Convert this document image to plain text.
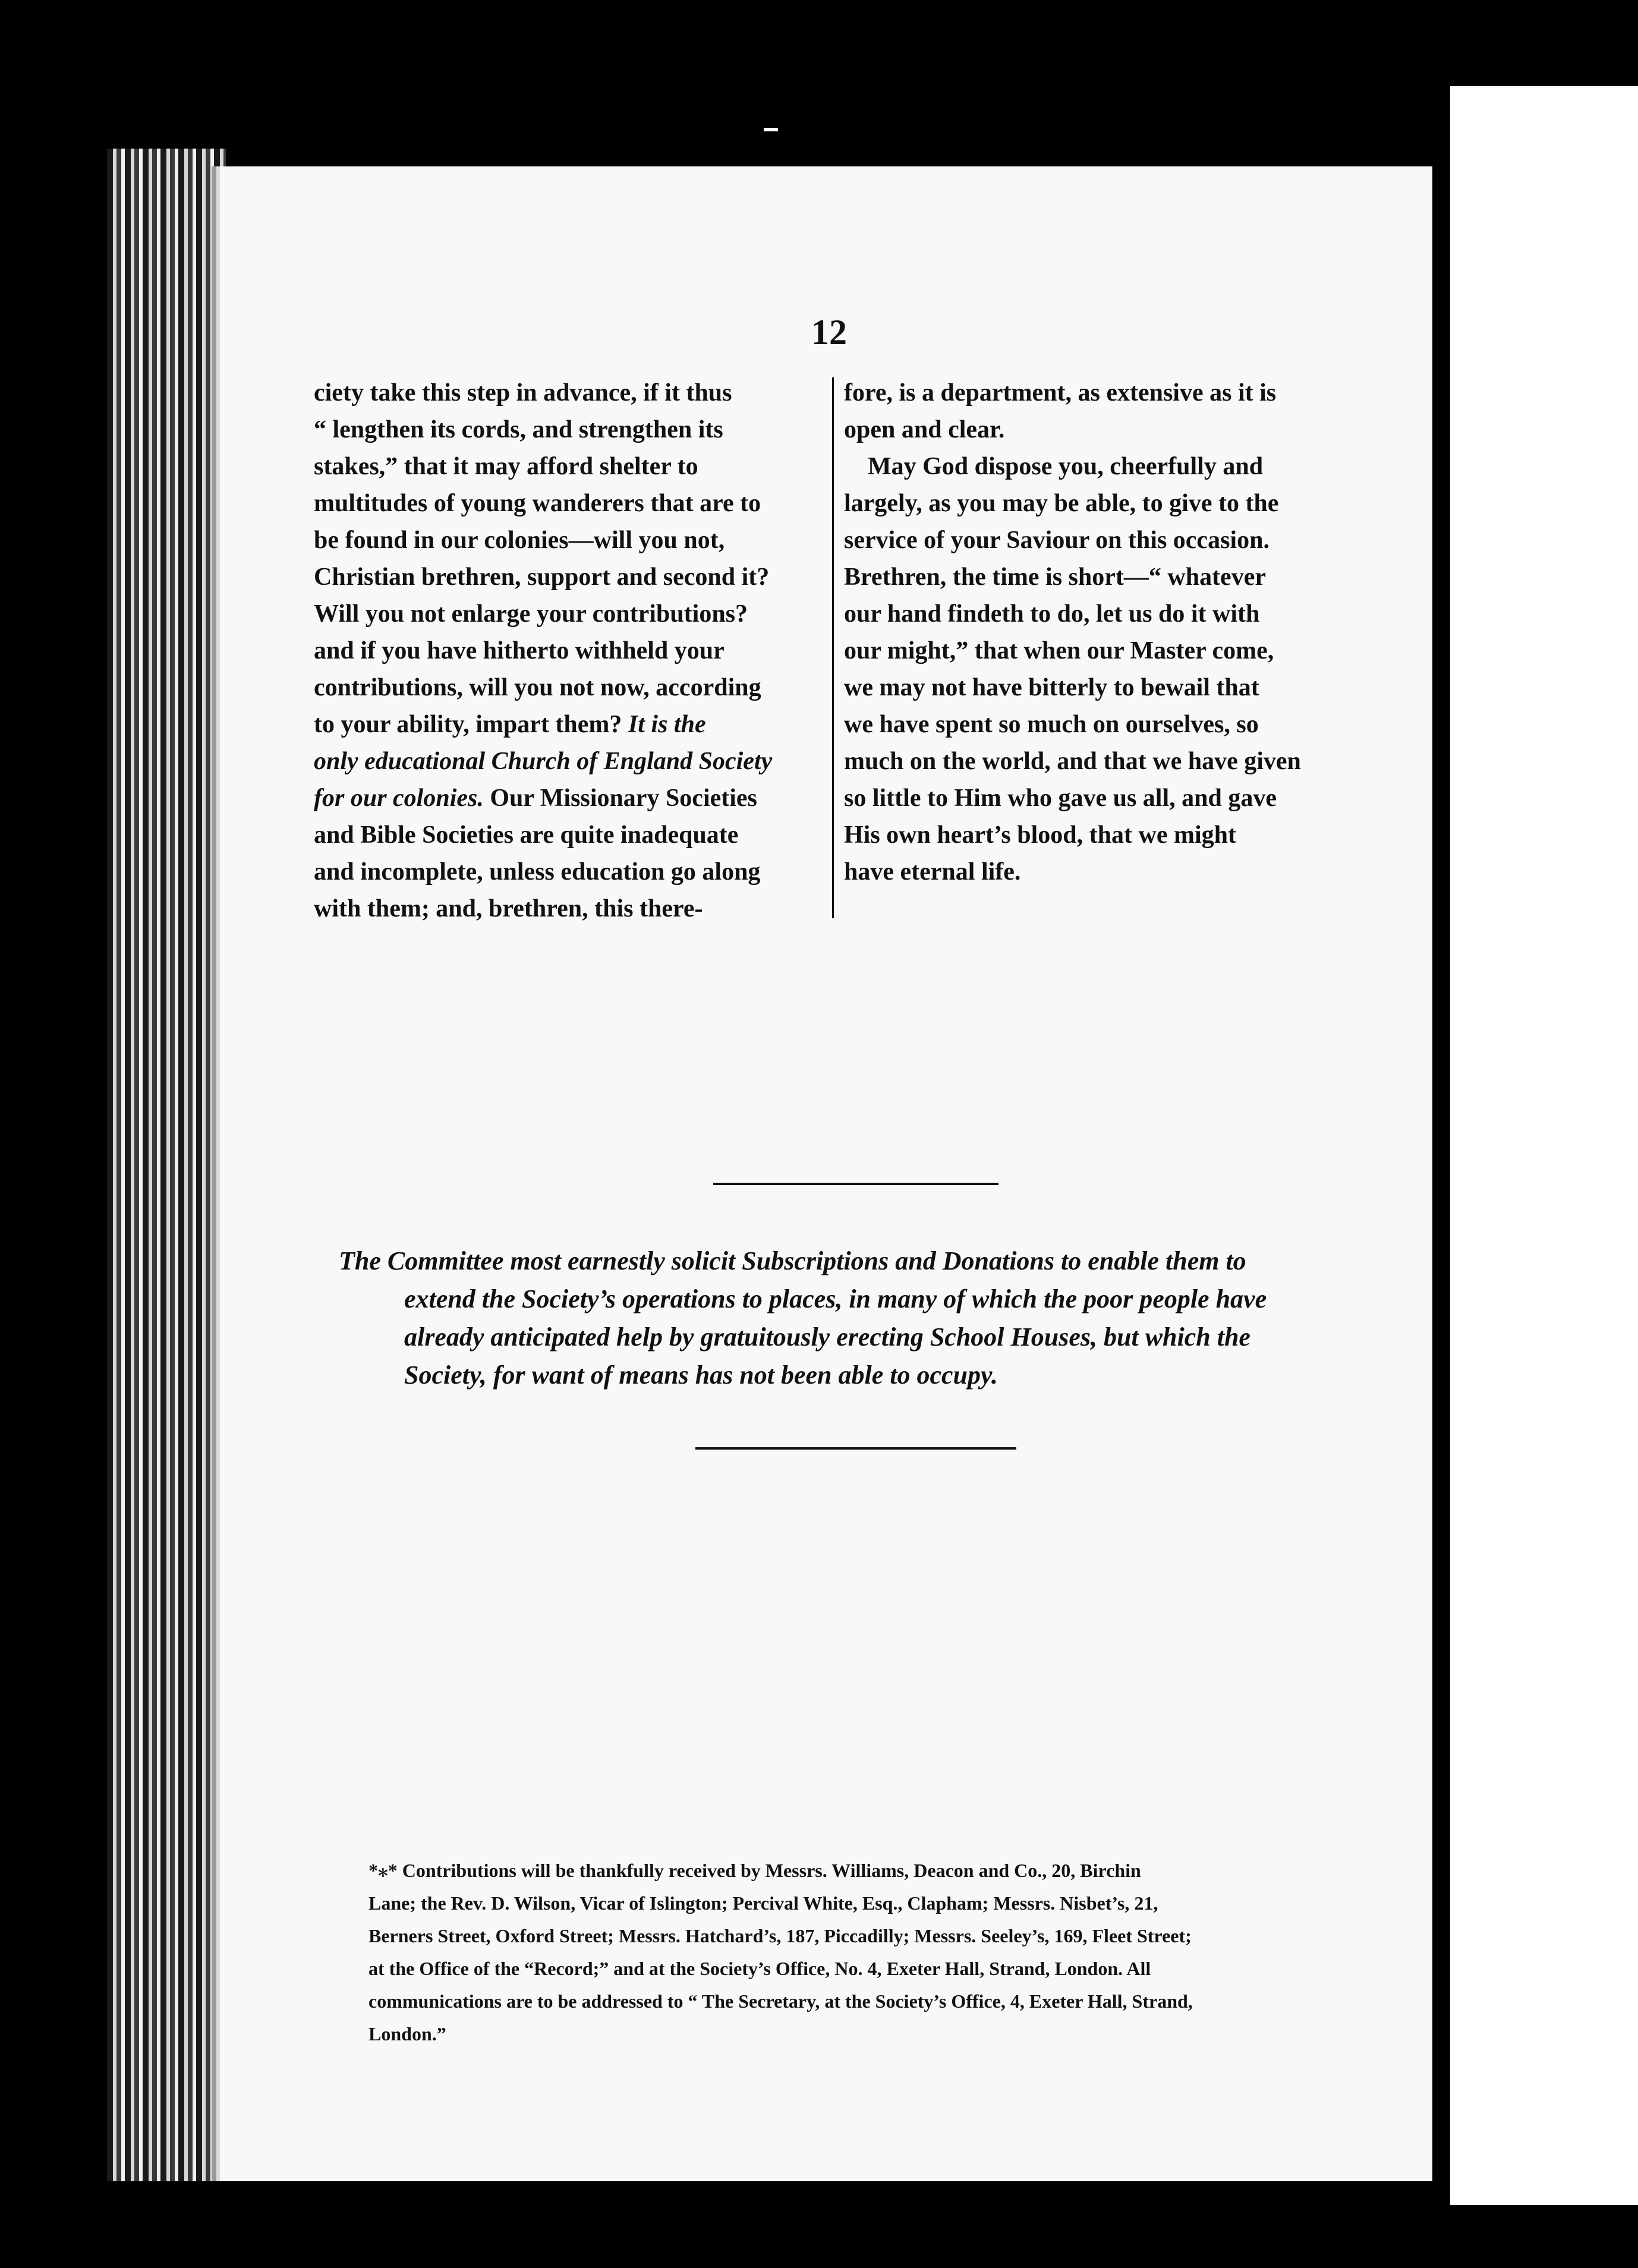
12
ciety take this step in advance, if it thus
“ lengthen its cords, and strengthen its
stakes,” that it may afford shelter to
multitudes of young wanderers that are to
be found in our colonies—will you not,
Christian brethren, support and second it?
Will you not enlarge your contributions?
and if you have hitherto withheld your
contributions, will you not now, according
to your ability, impart them? It is the
only educational Church of England Society
for our colonies. Our Missionary Societies
and Bible Societies are quite inadequate
and incomplete, unless education go along
with them; and, brethren, this there-
fore, is a department, as extensive as it is
open and clear.
May God dispose you, cheerfully and
largely, as you may be able, to give to the
service of your Saviour on this occasion.
Brethren, the time is short—“ whatever
our hand findeth to do, let us do it with
our might,” that when our Master come,
we may not have bitterly to bewail that
we have spent so much on ourselves, so
much on the world, and that we have given
so little to Him who gave us all, and gave
His own heart’s blood, that we might
have eternal life.
The Committee most earnestly solicit Subscriptions and Donations to enable them to
extend the Society’s operations to places, in many of which the poor people have
already anticipated help by gratuitously erecting School Houses, but which the
Society, for want of means has not been able to occupy.
*⁎* Contributions will be thankfully received by Messrs. Williams, Deacon and Co., 20, Birchin
Lane; the Rev. D. Wilson, Vicar of Islington; Percival White, Esq., Clapham; Messrs. Nisbet’s, 21,
Berners Street, Oxford Street; Messrs. Hatchard’s, 187, Piccadilly; Messrs. Seeley’s, 169, Fleet Street;
at the Office of the “Record;” and at the Society’s Office, No. 4, Exeter Hall, Strand, London. All
communications are to be addressed to “ The Secretary, at the Society’s Office, 4, Exeter Hall, Strand,
London.”
